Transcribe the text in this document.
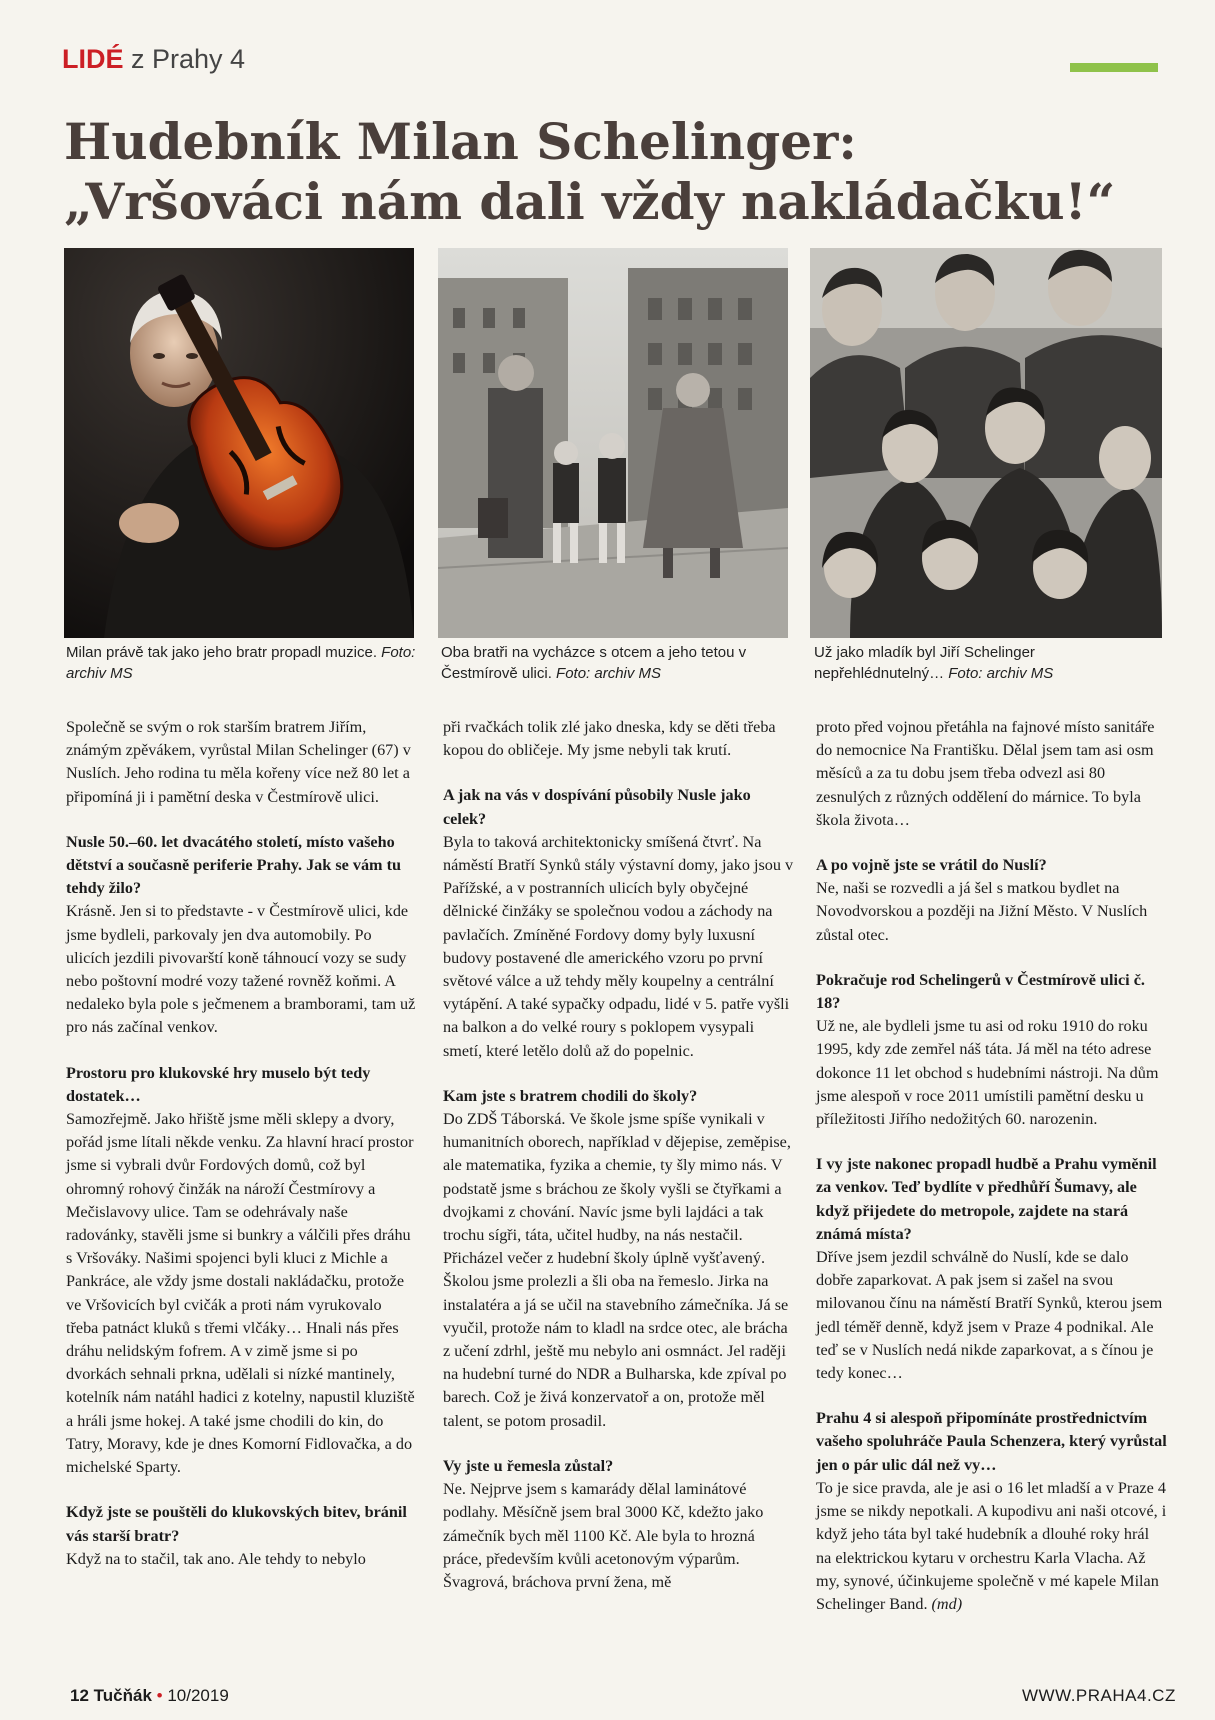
LIDÉ z Prahy 4
Hudebník Milan Schelinger:
„Vršováci nám dali vždy nakládačku!“
Milan právě tak jako jeho bratr propadl muzice. Foto: archiv MS
Oba bratři na vycházce s otcem a jeho tetou v Čestmírově ulici. Foto: archiv MS
Už jako mladík byl Jiří Schelinger nepřehlédnutelný… Foto: archiv MS

Společně se svým o rok starším bratrem Jiřím, známým zpěvákem, vyrůstal Milan Schelinger (67) v Nuslích. Jeho rodina tu měla kořeny více než 80 let a připomíná ji i pamětní deska v Čestmírově ulici.

Nusle 50.–60. let dvacátého století, místo vašeho dětství a současně periferie Prahy. Jak se vám tu tehdy žilo?

Krásně. Jen si to představte - v Čestmírově ulici, kde jsme bydleli, parkovaly jen dva automobily. Po ulicích jezdili pivovarští koně táhnoucí vozy se sudy nebo poštovní modré vozy tažené rovněž koňmi. A nedaleko byla pole s ječmenem a bramborami, tam už pro nás začínal venkov.

Prostoru pro klukovské hry muselo být tedy dostatek…

Samozřejmě. Jako hřiště jsme měli sklepy a dvory, pořád jsme lítali někde venku. Za hlavní hrací prostor jsme si vybrali dvůr Fordových domů, což byl ohromný rohový činžák na nároží Čestmírovy a Mečislavovy ulice. Tam se odehrávaly naše radovánky, stavěli jsme si bunkry a válčili přes dráhu s Vršováky. Našimi spojenci byli kluci z Michle a Pankráce, ale vždy jsme dostali nakládačku, protože ve Vršovicích byl cvičák a proti nám vyrukovalo třeba patnáct kluků s třemi vlčáky… Hnali nás přes dráhu nelidským fofrem. A v zimě jsme si po dvorkách sehnali prkna, udělali si nízké mantinely, kotelník nám natáhl hadici z kotelny, napustil kluziště a hráli jsme hokej. A také jsme chodili do kin, do Tatry, Moravy, kde je dnes Komorní Fidlovačka, a do michelské Sparty.

Když jste se pouštěli do klukovských bitev, bránil vás starší bratr?

Když na to stačil, tak ano. Ale tehdy to nebylo

při rvačkách tolik zlé jako dneska, kdy se děti třeba kopou do obličeje. My jsme nebyli tak krutí.

A jak na vás v dospívání působily Nusle jako celek?

Byla to taková architektonicky smíšená čtvrť. Na náměstí Bratří Synků stály výstavní domy, jako jsou v Pařížské, a v postranních ulicích byly obyčejné dělnické činžáky se společnou vodou a záchody na pavlačích. Zmíněné Fordovy domy byly luxusní budovy postavené dle amerického vzoru po první světové válce a už tehdy měly koupelny a centrální vytápění. A také sypačky odpadu, lidé v 5. patře vyšli na balkon a do velké roury s poklopem vysypali smetí, které letělo dolů až do popelnic.

Kam jste s bratrem chodili do školy?

Do ZDŠ Táborská. Ve škole jsme spíše vynikali v humanitních oborech, například v dějepise, zeměpise, ale matematika, fyzika a chemie, ty šly mimo nás. V podstatě jsme s bráchou ze školy vyšli se čtyřkami a dvojkami z chování. Navíc jsme byli lajdáci a tak trochu sígři, táta, učitel hudby, na nás nestačil. Přicházel večer z hudební školy úplně vyšťavený. Školou jsme prolezli a šli oba na řemeslo. Jirka na instalatéra a já se učil na stavebního zámečníka. Já se vyučil, protože nám to kladl na srdce otec, ale brácha z učení zdrhl, ještě mu nebylo ani osmnáct. Jel raději na hudební turné do NDR a Bulharska, kde zpíval po barech. Což je živá konzervatoř a on, protože měl talent, se potom prosadil.

Vy jste u řemesla zůstal?

Ne. Nejprve jsem s kamarády dělal laminátové podlahy. Měsíčně jsem bral 3000 Kč, kdežto jako zámečník bych měl 1100 Kč. Ale byla to hrozná práce, především kvůli acetonovým výparům. Švagrová, bráchova první žena, mě

proto před vojnou přetáhla na fajnové místo sanitáře do nemocnice Na Františku. Dělal jsem tam asi osm měsíců a za tu dobu jsem třeba odvezl asi 80 zesnulých z různých oddělení do márnice. To byla škola života…

A po vojně jste se vrátil do Nuslí?

Ne, naši se rozvedli a já šel s matkou bydlet na Novodvorskou a později na Jižní Město. V Nuslích zůstal otec.

Pokračuje rod Schelingerů v Čestmírově ulici č. 18?

Už ne, ale bydleli jsme tu asi od roku 1910 do roku 1995, kdy zde zemřel náš táta. Já měl na této adrese dokonce 11 let obchod s hudebními nástroji. Na dům jsme alespoň v roce 2011 umístili pamětní desku u příležitosti Jiřího nedožitých 60. narozenin.

I vy jste nakonec propadl hudbě a Prahu vyměnil za venkov. Teď bydlíte v předhůří Šumavy, ale když přijedete do metropole, zajdete na stará známá místa?

Dříve jsem jezdil schválně do Nuslí, kde se dalo dobře zaparkovat. A pak jsem si zašel na svou milovanou čínu na náměstí Bratří Synků, kterou jsem jedl téměř denně, když jsem v Praze 4 podnikal. Ale teď se v Nuslích nedá nikde zaparkovat, a s čínou je tedy konec…

Prahu 4 si alespoň připomínáte prostřednictvím vašeho spoluhráče Paula Schenzera, který vyrůstal jen o pár ulic dál než vy…

To je sice pravda, ale je asi o 16 let mladší a v Praze 4 jsme se nikdy nepotkali. A kupodivu ani naši otcové, i když jeho táta byl také hudebník a dlouhé roky hrál na elektrickou kytaru v orchestru Karla Vlacha. Až my, synové, účinkujeme společně v mé kapele Milan Schelinger Band. (md)

12 Tučňák • 10/2019	WWW.PRAHA4.CZ
